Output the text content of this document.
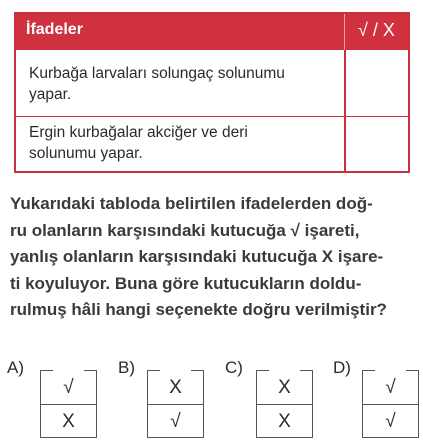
İfadeler	√ / X
Kurbağa larvaları solungaç solunumu
yapar.
Ergin kurbağalar akciğer ve deri
solunumu yapar.
Yukarıdaki tabloda belirtilen ifadelerden doğ-
ru olanların karşısındaki kutucuğa √ işareti,
yanlış olanların karşısındaki kutucuğa X işare-
ti koyuluyor. Buna göre kutucukların doldu-
rulmuş hâli hangi seçenekte doğru verilmiştir?
A)
√
X
B)
X
√
C)
X
X
D)
√
√
